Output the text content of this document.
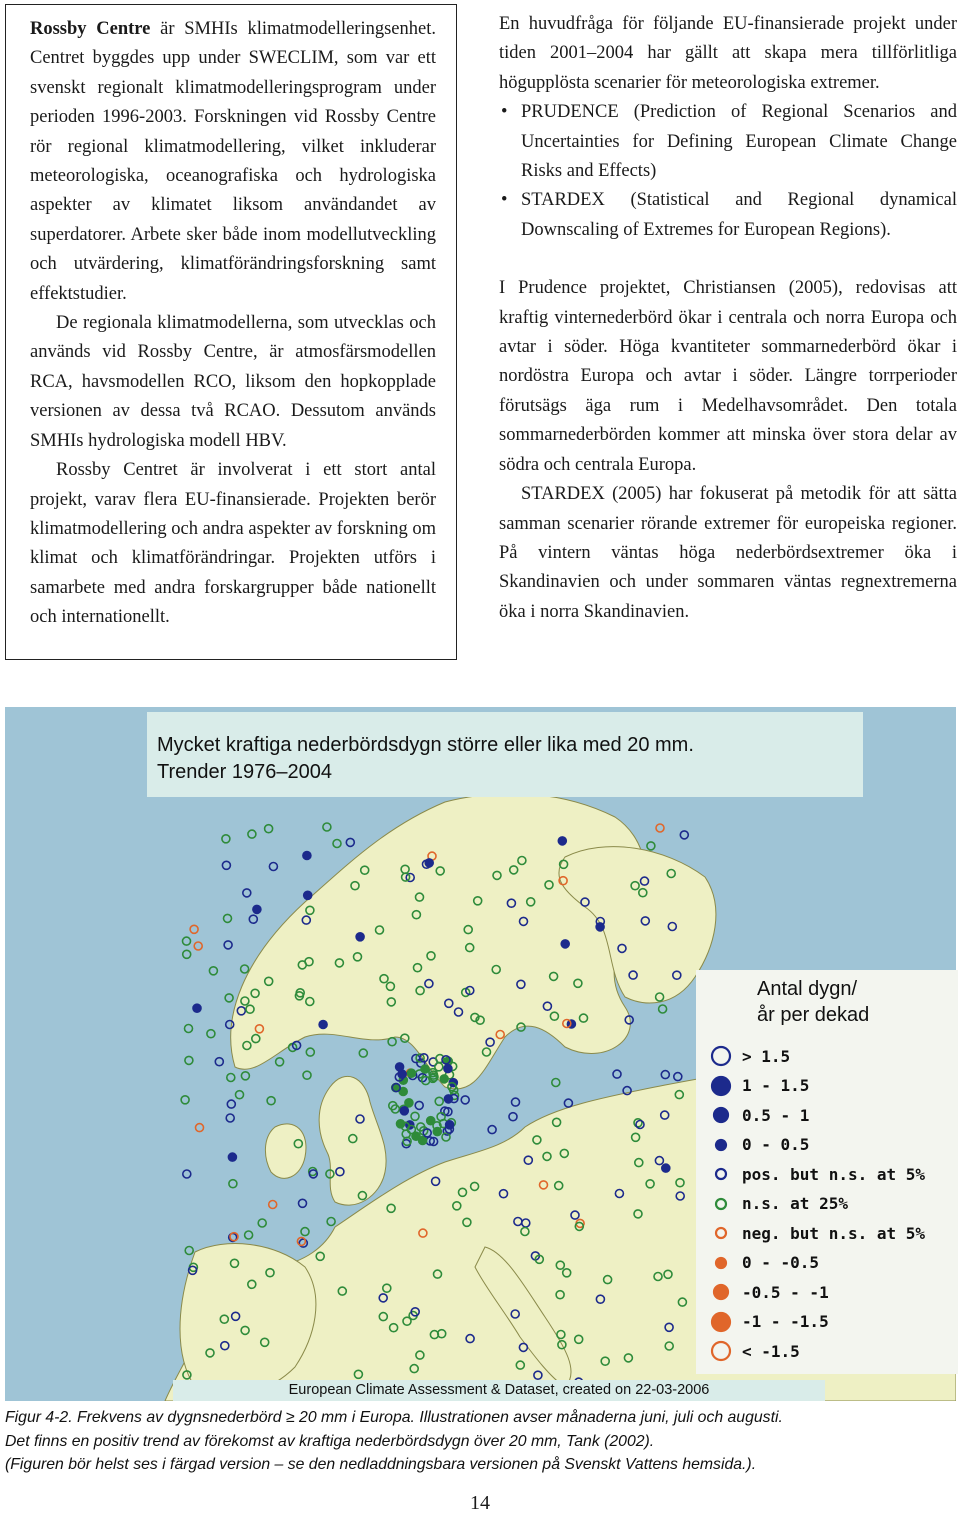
Rossby Centre är SMHIs klimatmodelleringsenhet. Centret byggdes upp under SWECLIM, som var ett svenskt regionalt klimatmodelleringsprogram under perioden 1996-2003. Forskningen vid Rossby Centre rör regional klimatmodellering, vilket inkluderar meteorologiska, oceanografiska och hydrologiska aspekter av klimatet liksom användandet av superdatorer. Arbete sker både inom modellutveckling och utvärdering, klimatförändringsforskning samt effektstudier.

De regionala klimatmodellerna, som utvecklas och används vid Rossby Centre, är atmosfärsmodellen RCA, havsmodellen RCO, liksom den hopkopplade versionen av dessa två RCAO. Dessutom används SMHIs hydrologiska modell HBV.

Rossby Centret är involverat i ett stort antal projekt, varav flera EU-finansierade. Projekten berör klimatmodellering och andra aspekter av forskning om klimat och klimatförändringar. Projekten utförs i samarbete med andra forskargrupper både nationellt och internationellt.

En huvudfråga för följande EU-finansierade projekt under tiden 2001–2004 har gällt att skapa mera tillförlitliga högupplösta scenarier för meteorologiska extremer.

• PRUDENCE (Prediction of Regional Scenarios and Uncertainties for Defining European Climate Change Risks and Effects)
• STARDEX (Statistical and Regional dynamical Downscaling of Extremes for European Regions).

I Prudence projektet, Christiansen (2005), redovisas att kraftig vinternederbörd ökar i centrala och norra Europa och avtar i söder. Höga kvantiteter sommarnederbörd ökar i nordöstra Europa och avtar i söder. Längre torrperioder förutsägs äga rum i Medelhavsområdet. Den totala sommarnederbörden kommer att minska över stora delar av södra och centrala Europa.

STARDEX (2005) har fokuserat på metodik för att sätta samman scenarier rörande extremer för europeiska regioner. På vintern väntas höga nederbördsextremer öka i Skandinavien och under sommaren väntas regnextremerna öka i norra Skandinavien.

Mycket kraftiga nederbördsdygn större eller lika med 20 mm.
Trender 1976–2004
Antal dygn/
år per dekad
> 1.5
1 - 1.5
0.5 - 1
0 - 0.5
pos. but n.s. at 5%
n.s. at 25%
neg. but n.s. at 5%
0 - -0.5
-0.5 - -1
-1 - -1.5
< -1.5
European Climate Assessment & Dataset, created on 22-03-2006

Figur 4-2. Frekvens av dygnsnederbörd ≥ 20 mm i Europa. Illustrationen avser månaderna juni, juli och augusti.

Det finns en positiv trend av förekomst av kraftiga nederbördsdygn över 20 mm, Tank (2002).

(Figuren bör helst ses i färgad version – se den nedladdningsbara versionen på Svenskt Vattens hemsida.).

14
